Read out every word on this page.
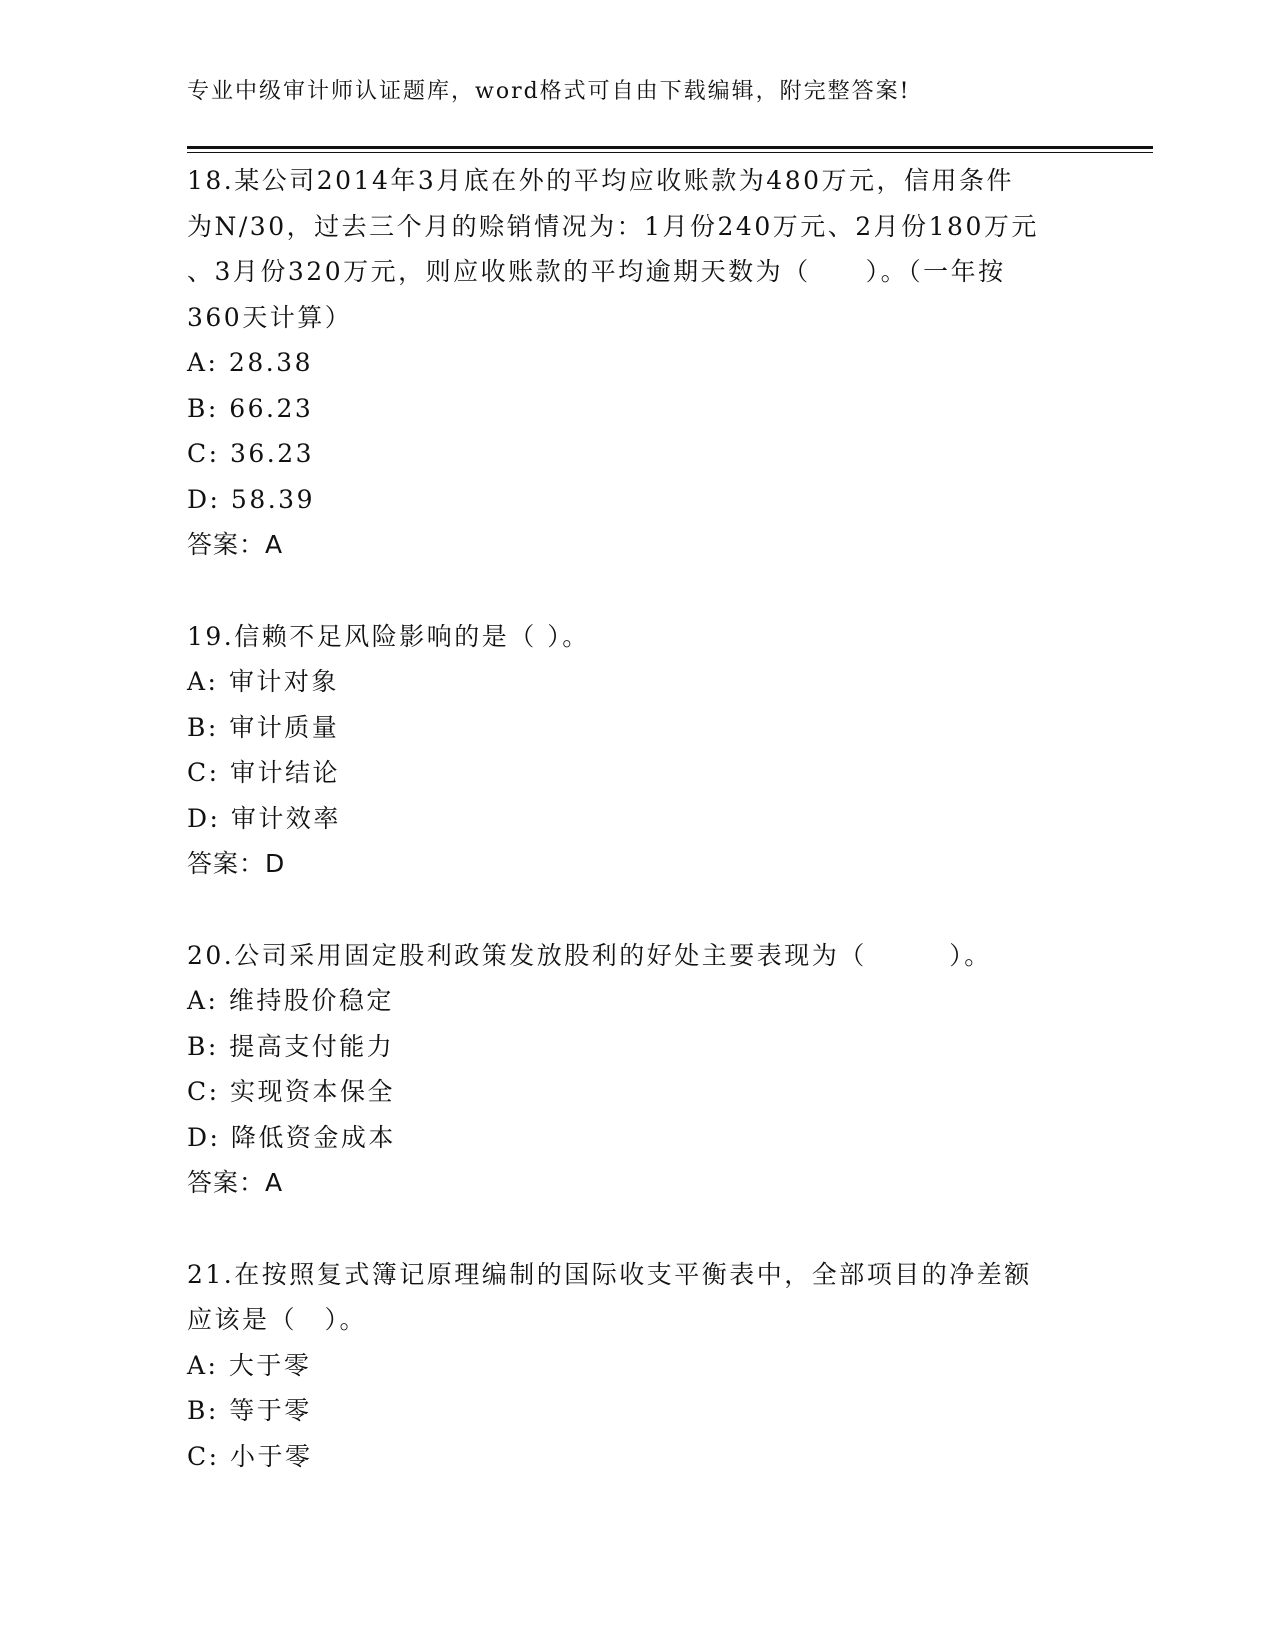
专业中级审计师认证题库，word格式可自由下载编辑，附完整答案!

18.某公司2014年3月底在外的平均应收账款为480万元，信用条件

为N/30，过去三个月的赊销情况为：1月份240万元、2月份180万元

、3月份320万元，则应收账款的平均逾期天数为（　　）。（一年按

360天计算）

A: 28.38

B: 66.23

C: 36.23

D: 58.39

答案：A

19.信赖不足风险影响的是（ ）。

A: 审计对象

B: 审计质量

C: 审计结论

D: 审计效率

答案：D

20.公司采用固定股利政策发放股利的好处主要表现为（　　　）。

A: 维持股价稳定

B: 提高支付能力

C: 实现资本保全

D: 降低资金成本

答案：A

21.在按照复式簿记原理编制的国际收支平衡表中，全部项目的净差额

应该是（　）。

A: 大于零

B: 等于零

C: 小于零
